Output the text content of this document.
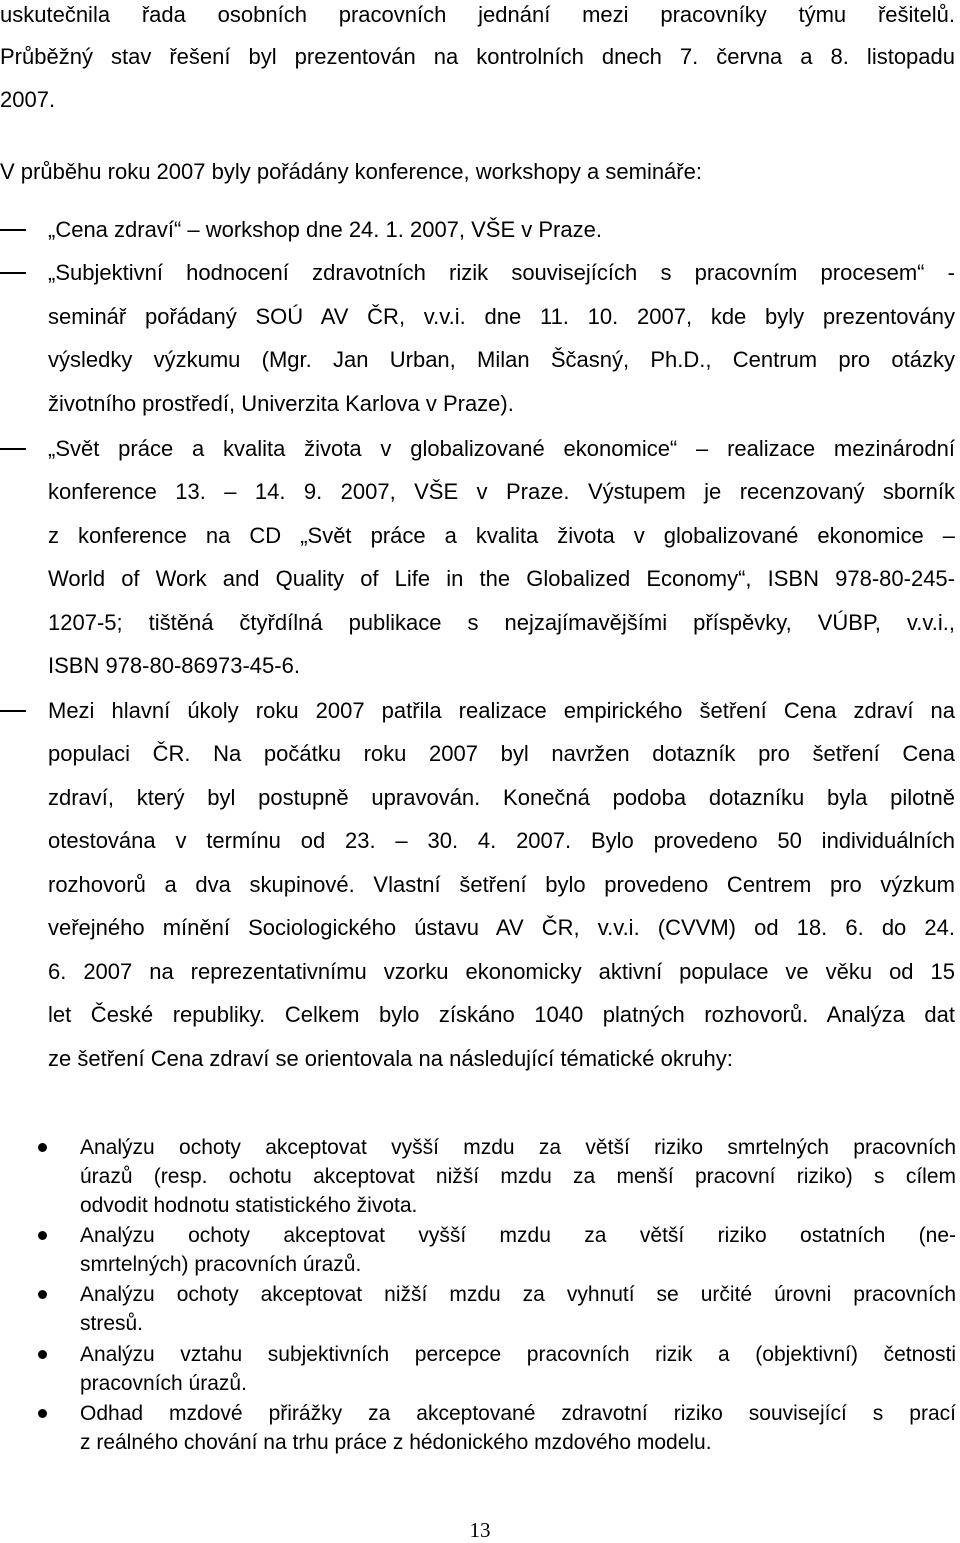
uskutečnila řada osobních pracovních jednání mezi pracovníky týmu řešitelů.
Průběžný stav řešení byl prezentován na kontrolních dnech 7. června a 8. listopadu
2007.
V průběhu roku 2007 byly pořádány konference, workshopy a semináře:
„Cena zdraví“ – workshop dne 24. 1. 2007, VŠE v Praze.
„Subjektivní hodnocení zdravotních rizik souvisejících s pracovním procesem“ -
seminář pořádaný SOÚ AV ČR, v.v.i. dne 11. 10. 2007, kde byly prezentovány
výsledky výzkumu (Mgr. Jan Urban, Milan Ščasný, Ph.D., Centrum pro otázky
životního prostředí, Univerzita Karlova v Praze).
„Svět práce a kvalita života v globalizované ekonomice“ – realizace mezinárodní
konference 13. – 14. 9. 2007, VŠE v Praze. Výstupem je recenzovaný sborník
z konference na CD „Svět práce a kvalita života v globalizované ekonomice –
World of Work and Quality of Life in the Globalized Economy“, ISBN 978-80-245-
1207-5; tištěná čtyřdílná publikace s nejzajímavějšími příspěvky, VÚBP, v.v.i.,
ISBN 978-80-86973-45-6.
Mezi hlavní úkoly roku 2007 patřila realizace empirického šetření Cena zdraví na
populaci ČR. Na počátku roku 2007 byl navržen dotazník pro šetření Cena
zdraví, který byl postupně upravován. Konečná podoba dotazníku byla pilotně
otestována v termínu od 23. – 30. 4. 2007. Bylo provedeno 50 individuálních
rozhovorů a dva skupinové. Vlastní šetření bylo provedeno Centrem pro výzkum
veřejného mínění Sociologického ústavu AV ČR, v.v.i. (CVVM) od 18. 6. do 24.
6. 2007 na reprezentativnímu vzorku ekonomicky aktivní populace ve věku od 15
let České republiky. Celkem bylo získáno 1040 platných rozhovorů. Analýza dat
ze šetření Cena zdraví se orientovala na následující tématické okruhy:
Analýzu ochoty akceptovat vyšší mzdu za větší riziko smrtelných pracovních
úrazů (resp. ochotu akceptovat nižší mzdu za menší pracovní riziko) s cílem
odvodit hodnotu statistického života.
Analýzu ochoty akceptovat vyšší mzdu za větší riziko ostatních (ne-
smrtelných) pracovních úrazů.
Analýzu ochoty akceptovat nižší mzdu za vyhnutí se určité úrovni pracovních
stresů.
Analýzu vztahu subjektivních percepce pracovních rizik a (objektivní) četnosti
pracovních úrazů.
Odhad mzdové přirážky za akceptované zdravotní riziko související s prací
z reálného chování na trhu práce z hédonického mzdového modelu.
13
